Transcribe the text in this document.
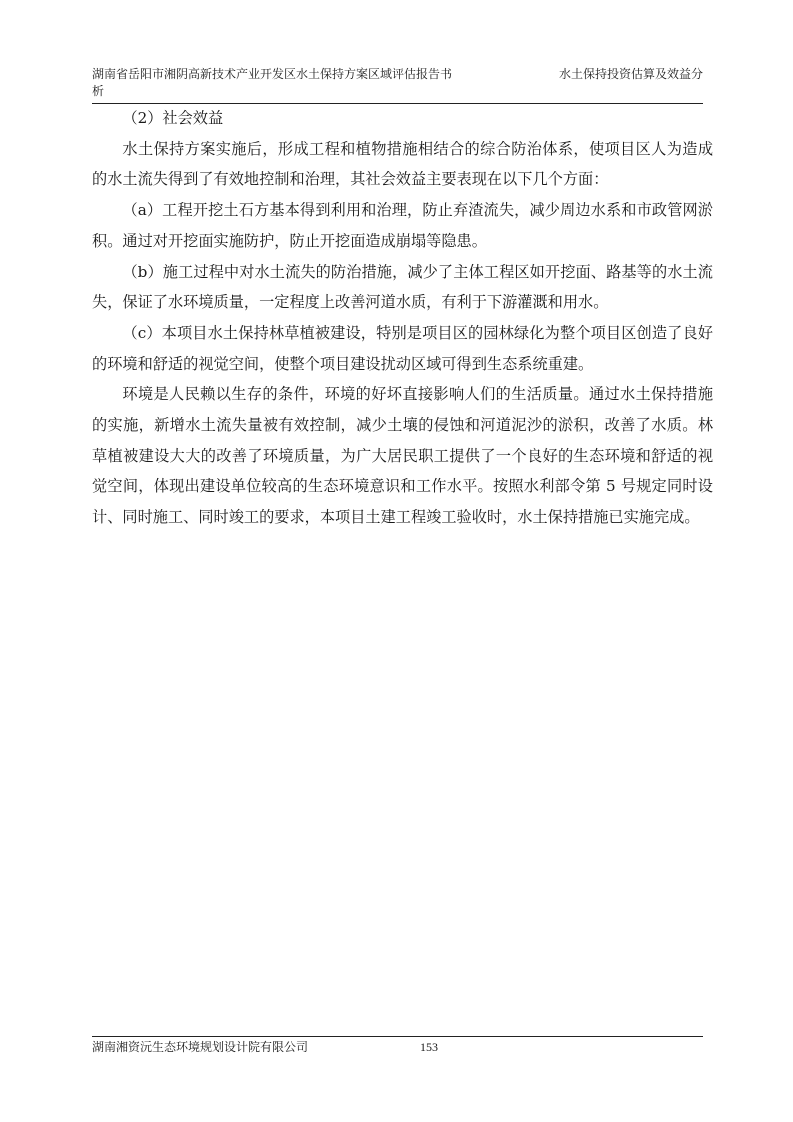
湖南省岳阳市湘阴高新技术产业开发区水土保持方案区域评估报告书析
水土保持投资估算及效益分

（2）社会效益

水土保持方案实施后，形成工程和植物措施相结合的综合防治体系，使项目区人为造成的水土流失得到了有效地控制和治理，其社会效益主要表现在以下几个方面：

（a）工程开挖土石方基本得到利用和治理，防止弃渣流失，减少周边水系和市政管网淤积。通过对开挖面实施防护，防止开挖面造成崩塌等隐患。

（b）施工过程中对水土流失的防治措施，减少了主体工程区如开挖面、路基等的水土流失，保证了水环境质量，一定程度上改善河道水质，有利于下游灌溉和用水。

（c）本项目水土保持林草植被建设，特别是项目区的园林绿化为整个项目区创造了良好的环境和舒适的视觉空间，使整个项目建设扰动区域可得到生态系统重建。

环境是人民赖以生存的条件，环境的好坏直接影响人们的生活质量。通过水土保持措施的实施，新增水土流失量被有效控制，减少土壤的侵蚀和河道泥沙的淤积，改善了水质。林草植被建设大大的改善了环境质量，为广大居民职工提供了一个良好的生态环境和舒适的视觉空间，体现出建设单位较高的生态环境意识和工作水平。按照水利部令第 5 号规定同时设计、同时施工、同时竣工的要求，本项目土建工程竣工验收时，水土保持措施已实施完成。

湖南湘资沅生态环境规划设计院有限公司	153
